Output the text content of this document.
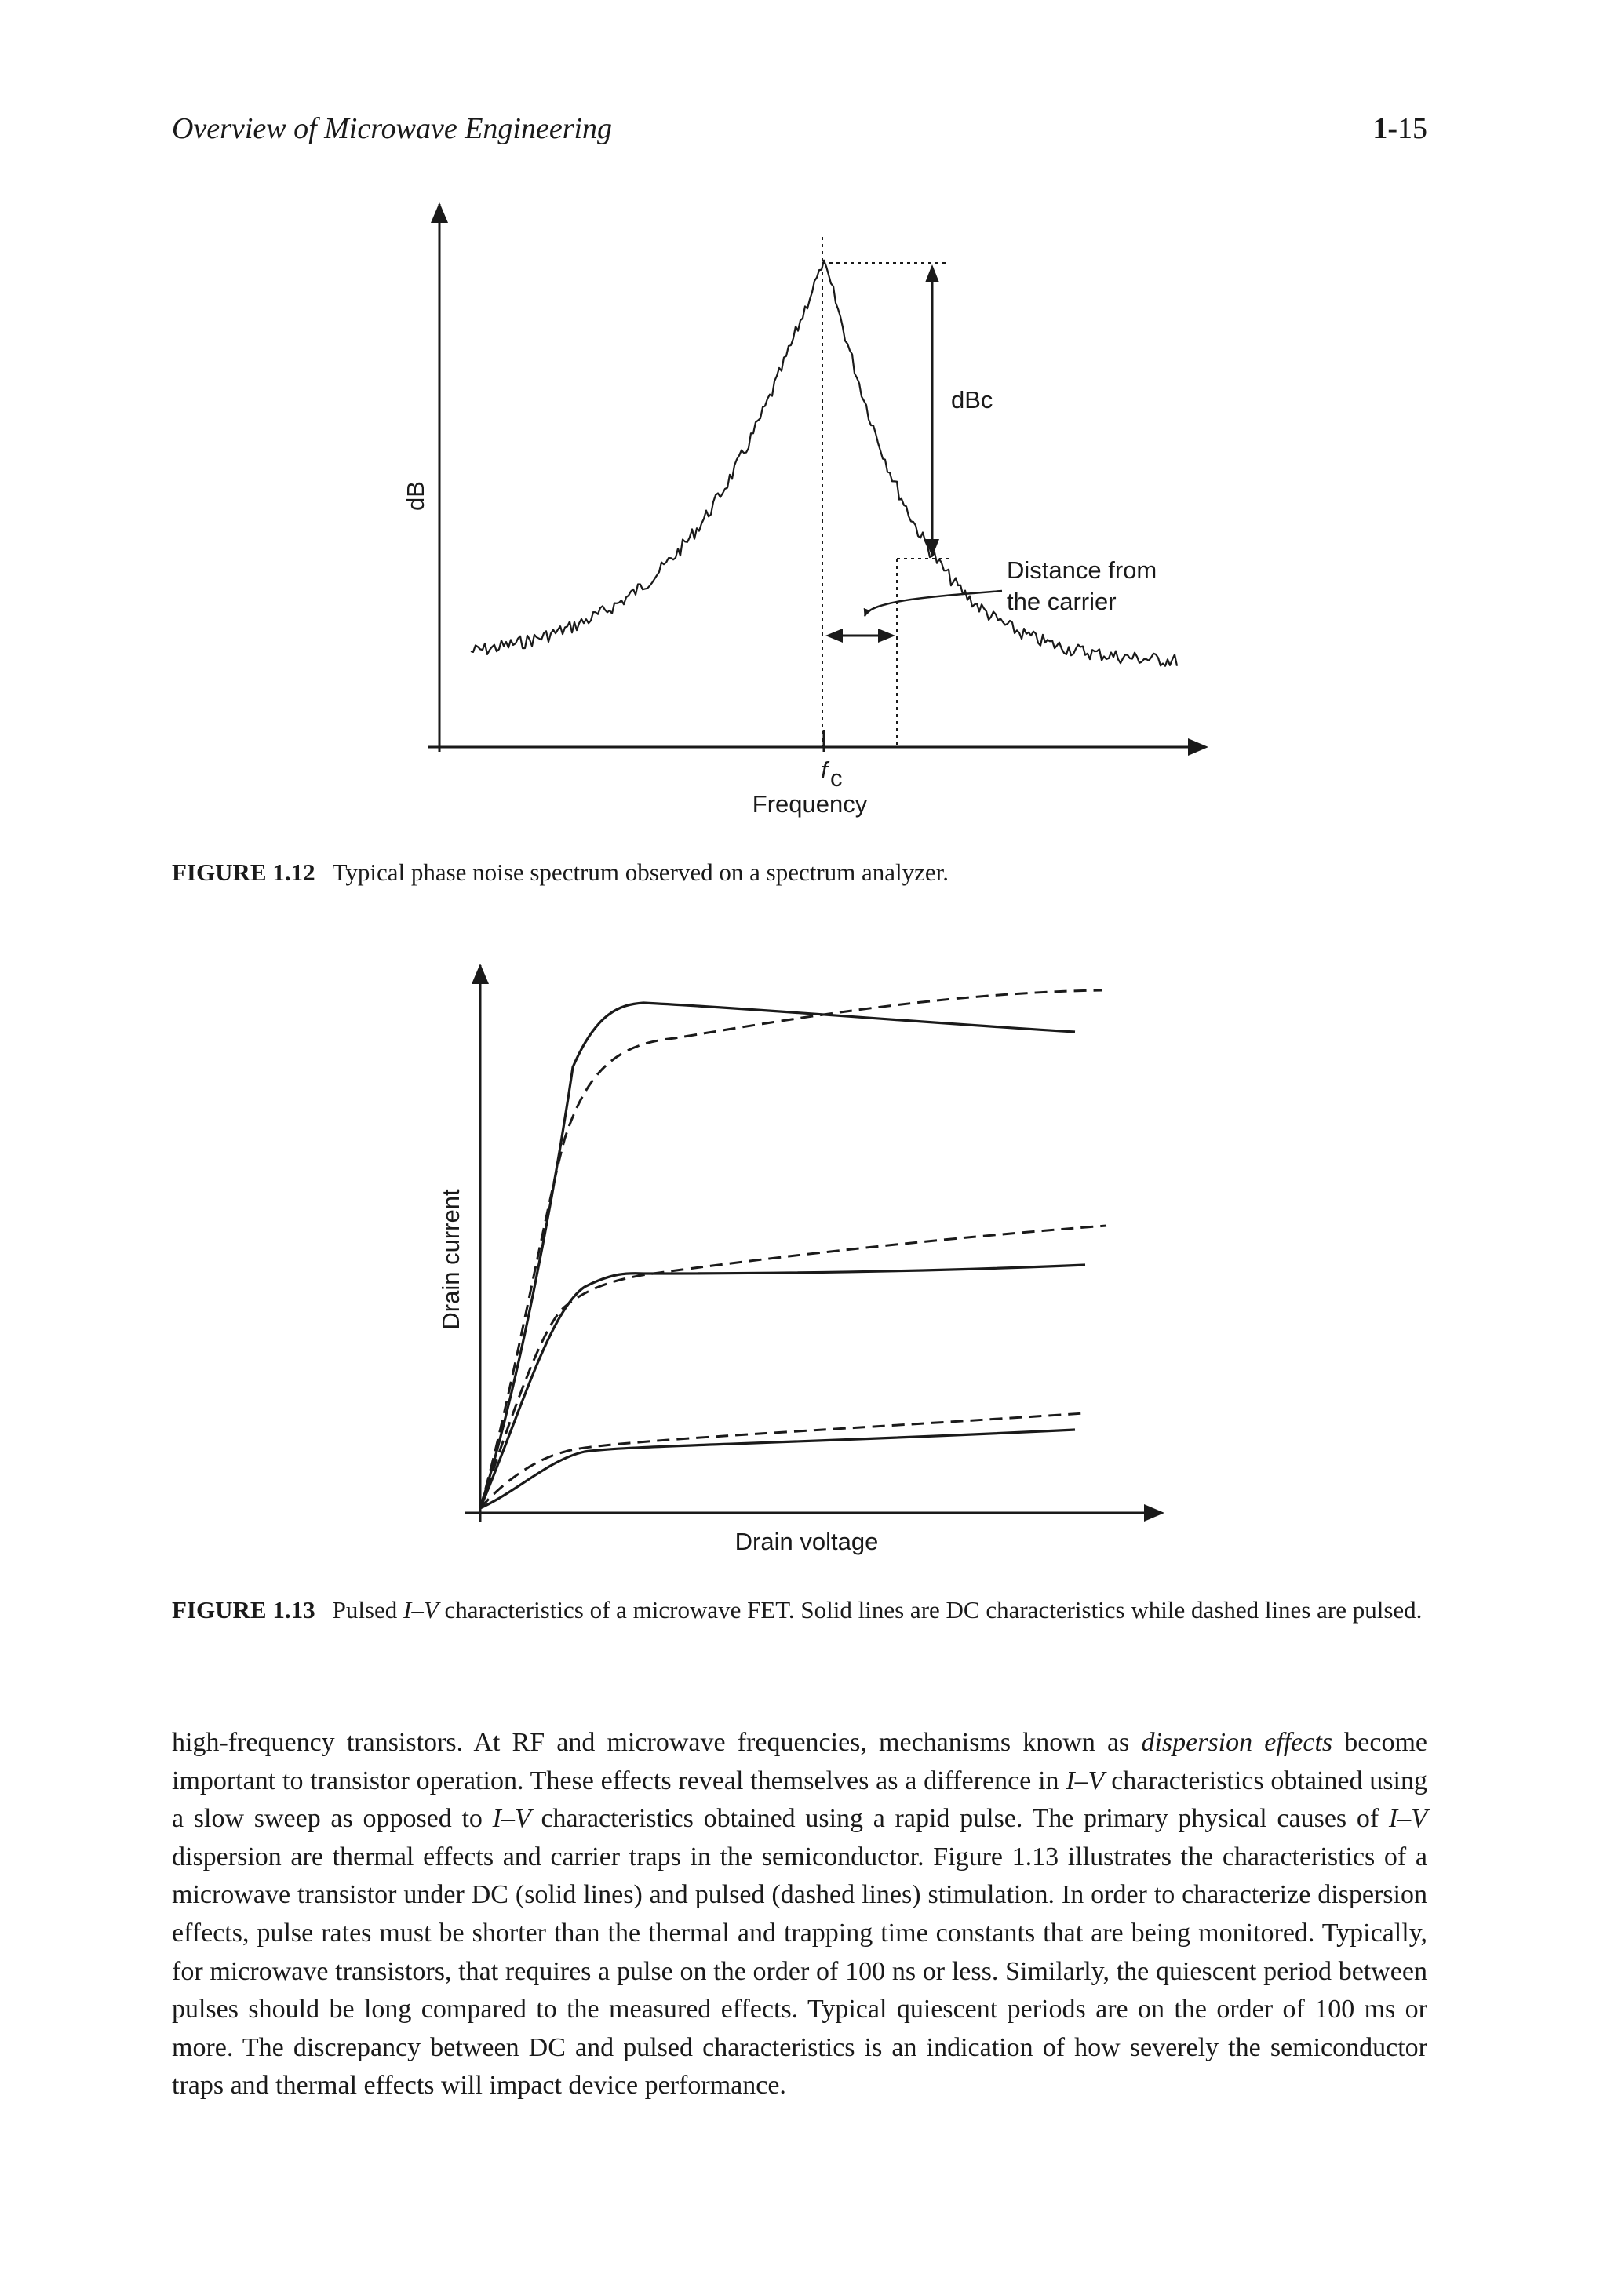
Overview of Microwave Engineering	1-15
dBc
Distance from
the carrier
dB
f c
Frequency
FIGURE 1.12 Typical phase noise spectrum observed on a spectrum analyzer.
Drain current
Drain voltage
FIGURE 1.13 Pulsed I–V characteristics of a microwave FET. Solid lines are DC characteristics while dashed lines are pulsed.
high-frequency transistors. At RF and microwave frequencies, mechanisms known as dispersion effects become important to transistor operation. These effects reveal themselves as a difference in I–V characteristics obtained using a slow sweep as opposed to I–V characteristics obtained using a rapid pulse. The primary physical causes of I–V dispersion are thermal effects and carrier traps in the semiconductor. Figure 1.13 illustrates the characteristics of a microwave transistor under DC (solid lines) and pulsed (dashed lines) stimulation. In order to characterize dispersion effects, pulse rates must be shorter than the thermal and trapping time constants that are being monitored. Typically, for microwave transistors, that requires a pulse on the order of 100 ns or less. Similarly, the quiescent period between pulses should be long compared to the measured effects. Typical quiescent periods are on the order of 100 ms or more. The discrepancy between DC and pulsed characteristics is an indication of how severely the semiconductor traps and thermal effects will impact device performance.
